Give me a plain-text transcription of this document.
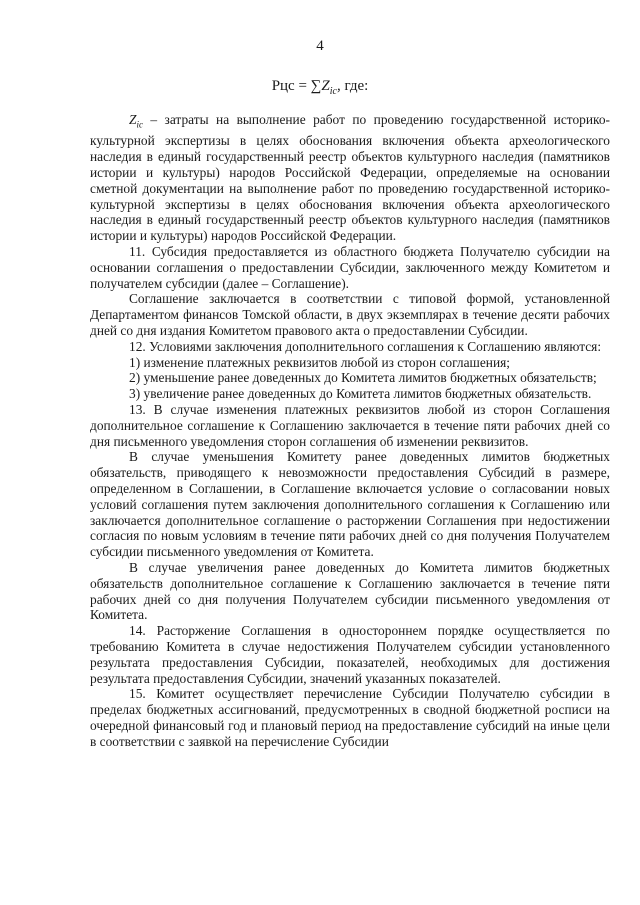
4
Рцс = $\sum Z_{ic}$, где:

$Z_{ic}$ – затраты на выполнение работ по проведению государственной историко-культурной экспертизы в целях обоснования включения объекта археологического наследия в единый государственный реестр объектов культурного наследия (памятников истории и культуры) народов Российской Федерации, определяемые на основании сметной документации на выполнение работ по проведению государственной историко-культурной экспертизы в целях обоснования включения объекта археологического наследия в единый государственный реестр объектов культурного наследия (памятников истории и культуры) народов Российской Федерации.

11. Субсидия предоставляется из областного бюджета Получателю субсидии на основании соглашения о предоставлении Субсидии, заключенного между Комитетом и получателем субсидии (далее – Соглашение).

Соглашение заключается в соответствии с типовой формой, установленной Департаментом финансов Томской области, в двух экземплярах в течение десяти рабочих дней со дня издания Комитетом правового акта о предоставлении Субсидии.

12. Условиями заключения дополнительного соглашения к Соглашению являются:

1) изменение платежных реквизитов любой из сторон соглашения;

2) уменьшение ранее доведенных до Комитета лимитов бюджетных обязательств;

3) увеличение ранее доведенных до Комитета лимитов бюджетных обязательств.

13. В случае изменения платежных реквизитов любой из сторон Соглашения дополнительное соглашение к Соглашению заключается в течение пяти рабочих дней со дня письменного уведомления сторон соглашения об изменении реквизитов.

В случае уменьшения Комитету ранее доведенных лимитов бюджетных обязательств, приводящего к невозможности предоставления Субсидий в размере, определенном в Соглашении, в Соглашение включается условие о согласовании новых условий соглашения путем заключения дополнительного соглашения к Соглашению или заключается дополнительное соглашение о расторжении Соглашения при недостижении согласия по новым условиям в течение пяти рабочих дней со дня получения Получателем субсидии письменного уведомления от Комитета.

В случае увеличения ранее доведенных до Комитета лимитов бюджетных обязательств дополнительное соглашение к Соглашению заключается в течение пяти рабочих дней со дня получения Получателем субсидии письменного уведомления от Комитета.

14. Расторжение Соглашения в одностороннем порядке осуществляется по требованию Комитета в случае недостижения Получателем субсидии установленного результата предоставления Субсидии, показателей, необходимых для достижения результата предоставления Субсидии, значений указанных показателей.

15. Комитет осуществляет перечисление Субсидии Получателю субсидии в пределах бюджетных ассигнований, предусмотренных в сводной бюджетной росписи на очередной финансовый год и плановый период на предоставление субсидий на иные цели в соответствии с заявкой на перечисление Субсидии
